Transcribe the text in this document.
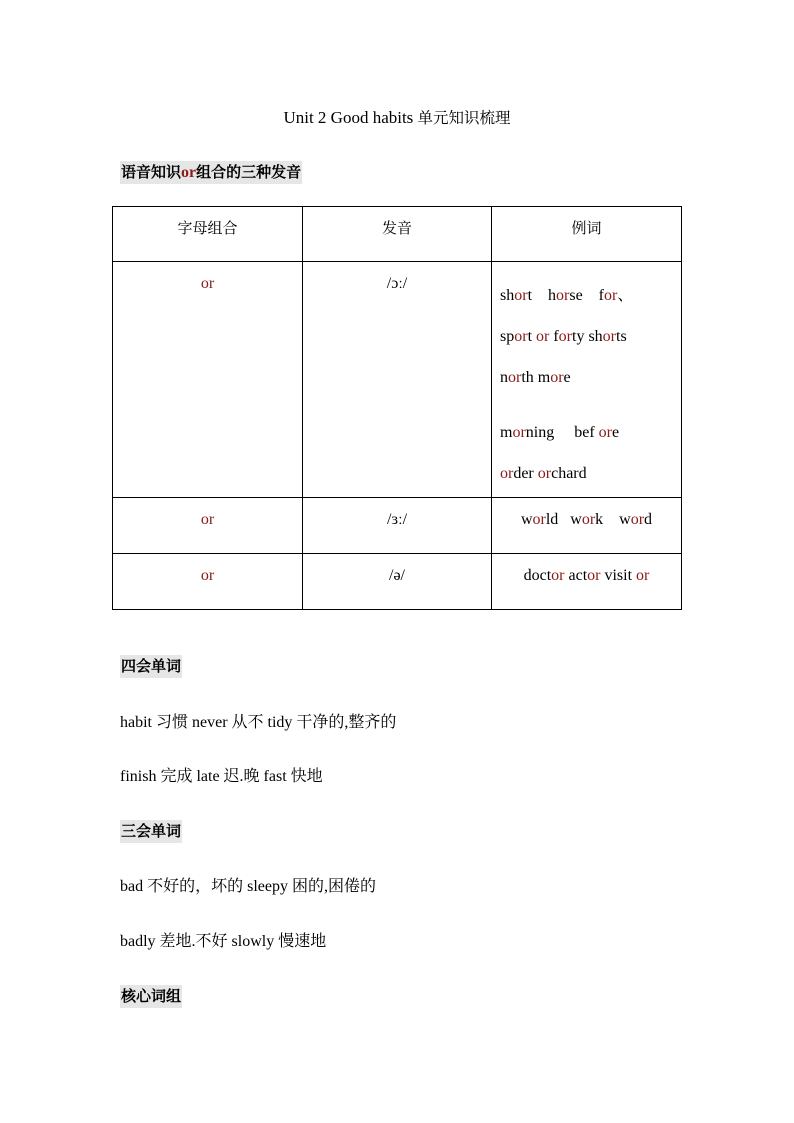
Unit 2 Good habits 单元知识梳理
语音知识or组合的三种发音
字母组合	发音	例词
or	/ɔː/	short    horse    for、
sport or forty shorts
north more
morning     bef ore
order orchard

or	/ɜː/	world   work    word
or	/ə/	doctor actor visit or
四会单词
habit 习惯 never 从不 tidy 干净的,整齐的
finish 完成 late 迟.晚 fast 快地
三会单词
bad 不好的，坏的 sleepy 困的,困倦的
badly 差地.不好 slowly 慢速地
核心词组
